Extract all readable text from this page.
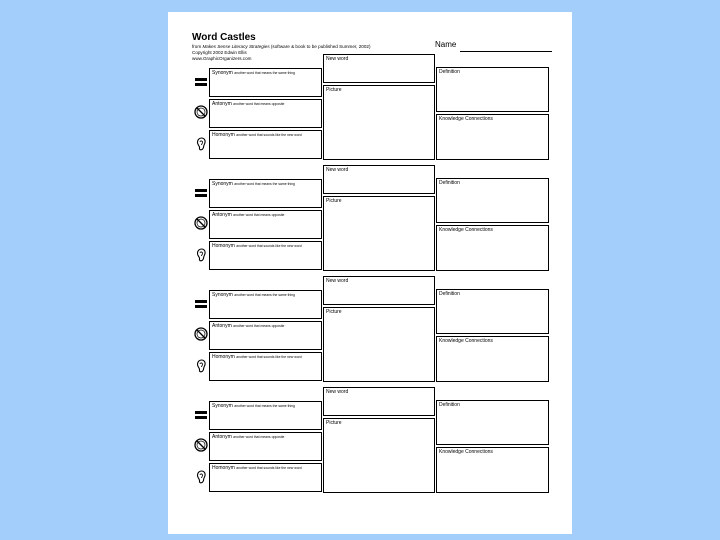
Word Castles
from Makes Sense Literacy Strategies (software & book to be published Summer, 2002)
Copyright 2002 Edwin Ellis
www.GraphicOrganizers.com
Name
Synonym another word that means the same thing
Antonym another word that means opposite
Homonym another word that sounds like the new word
New word
Picture
Definition
Knowledge Connections
Synonym another word that means the same thing
Antonym another word that means opposite
Homonym another word that sounds like the new word
New word
Picture
Definition
Knowledge Connections
Synonym another word that means the same thing
Antonym another word that means opposite
Homonym another word that sounds like the new word
New word
Picture
Definition
Knowledge Connections
Synonym another word that means the same thing
Antonym another word that means opposite
Homonym another word that sounds like the new word
New word
Picture
Definition
Knowledge Connections
